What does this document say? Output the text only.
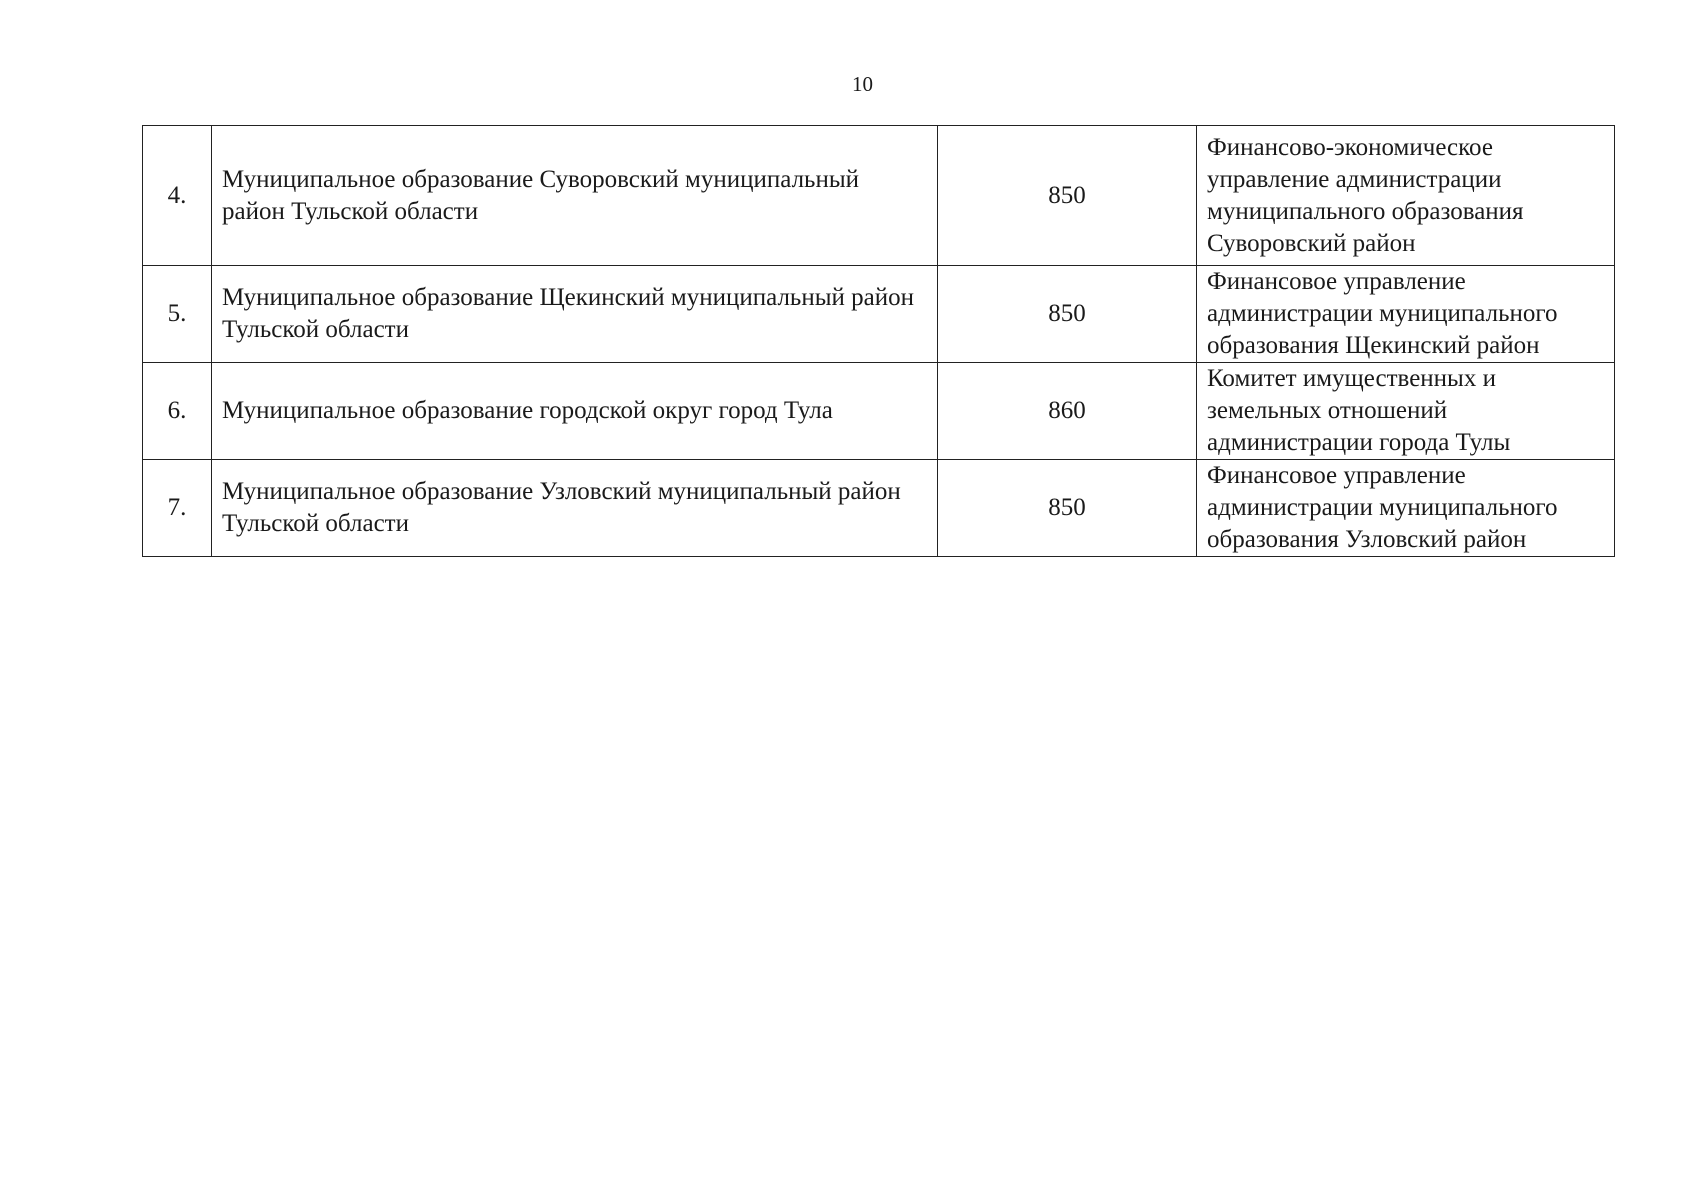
10
4.	Муниципальное образование Суворовский муниципальный район Тульской области	850	Финансово-экономическое управление администрации муниципального образования Суворовский район
5.	Муниципальное образование Щекинский муниципальный район Тульской области	850	Финансовое управление администрации муниципального образования Щекинский район
6.	Муниципальное образование городской округ город Тула	860	Комитет имущественных и земельных отношений администрации города Тулы
7.	Муниципальное образование Узловский муниципальный район Тульской области	850	Финансовое управление администрации муниципального образования Узловский район
